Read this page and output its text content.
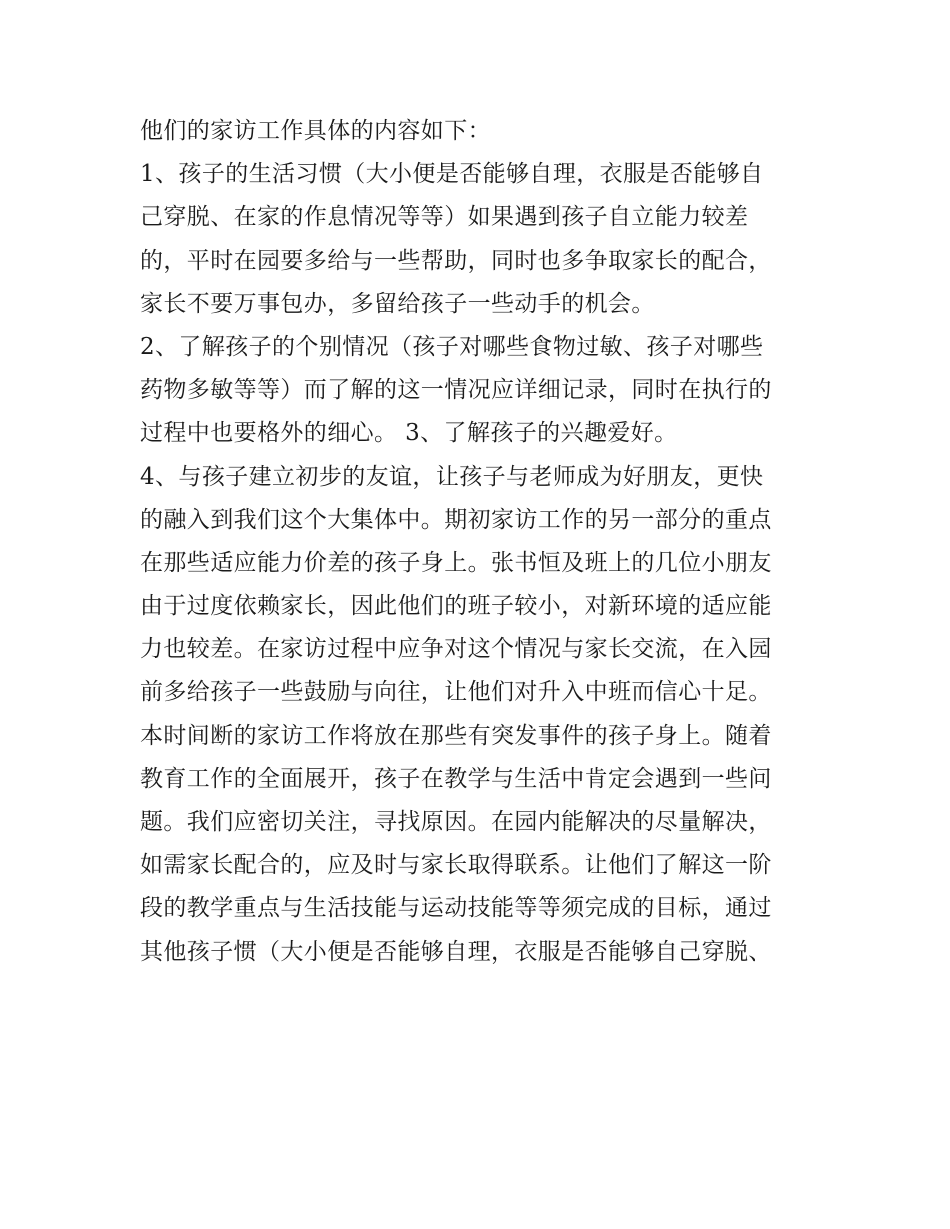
他们的家访工作具体的内容如下：
1、孩子的生活习惯（大小便是否能够自理，衣服是否能够自
己穿脱、在家的作息情况等等）如果遇到孩子自立能力较差
的，平时在园要多给与一些帮助，同时也多争取家长的配合，
家长不要万事包办，多留给孩子一些动手的机会。
2、了解孩子的个别情况（孩子对哪些食物过敏、孩子对哪些
药物多敏等等）而了解的这一情况应详细记录，同时在执行的
过程中也要格外的细心。 3、了解孩子的兴趣爱好。
4、与孩子建立初步的友谊，让孩子与老师成为好朋友，更快
的融入到我们这个大集体中。期初家访工作的另一部分的重点
在那些适应能力价差的孩子身上。张书恒及班上的几位小朋友
由于过度依赖家长，因此他们的班子较小，对新环境的适应能
力也较差。在家访过程中应争对这个情况与家长交流，在入园
前多给孩子一些鼓励与向往，让他们对升入中班而信心十足。
本时间断的家访工作将放在那些有突发事件的孩子身上。随着
教育工作的全面展开，孩子在教学与生活中肯定会遇到一些问
题。我们应密切关注，寻找原因。在园内能解决的尽量解决，
如需家长配合的，应及时与家长取得联系。让他们了解这一阶
段的教学重点与生活技能与运动技能等等须完成的目标，通过
其他孩子惯（大小便是否能够自理，衣服是否能够自己穿脱、
